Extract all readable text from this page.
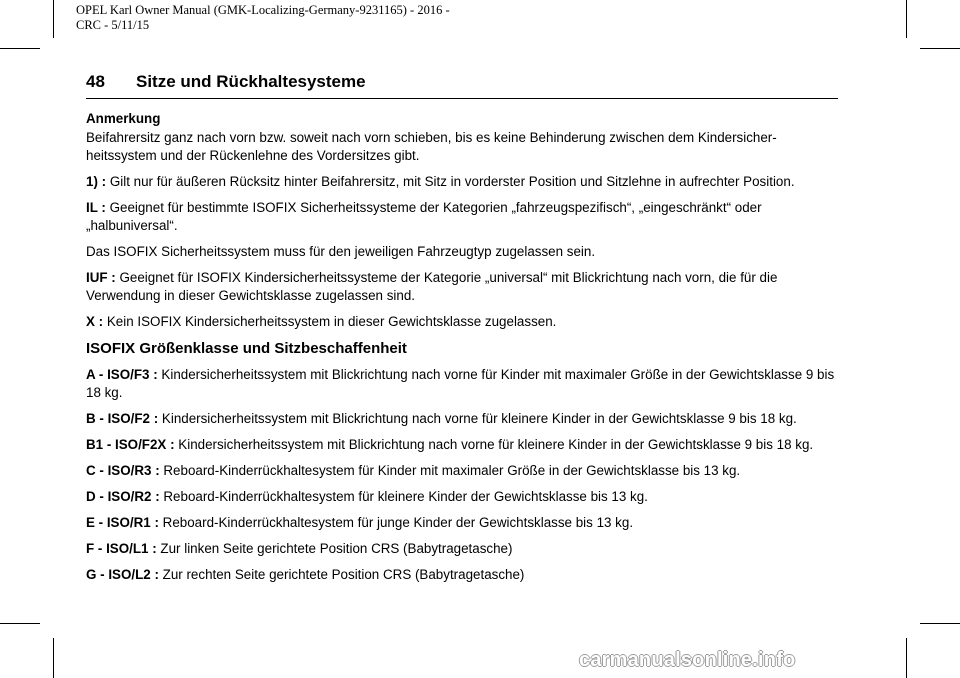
OPEL Karl Owner Manual (GMK-Localizing-Germany-9231165) - 2016 -
CRC - 5/11/15
48 Sitze und Rückhaltesysteme

Anmerkung

Beifahrersitz ganz nach vorn bzw. soweit nach vorn schieben, bis es keine Behinderung zwischen dem Kindersicherheitssystem und der Rückenlehne des Vordersitzes gibt.

1) : Gilt nur für äußeren Rücksitz hinter Beifahrersitz, mit Sitz in vorderster Position und Sitzlehne in aufrechter Position.

IL : Geeignet für bestimmte ISOFIX Sicherheitssysteme der Kategorien „fahrzeugspezifisch“, „eingeschränkt“ oder „halbuniversal“.

Das ISOFIX Sicherheitssystem muss für den jeweiligen Fahrzeugtyp zugelassen sein.

IUF : Geeignet für ISOFIX Kindersicherheitssysteme der Kategorie „universal“ mit Blickrichtung nach vorn, die für die Verwendung in dieser Gewichtsklasse zugelassen sind.

X : Kein ISOFIX Kindersicherheitssystem in dieser Gewichtsklasse zugelassen.

ISOFIX Größenklasse und Sitzbeschaffenheit

A - ISO/F3 : Kindersicherheitssystem mit Blickrichtung nach vorne für Kinder mit maximaler Größe in der Gewichtsklasse 9 bis 18 kg.

B - ISO/F2 : Kindersicherheitssystem mit Blickrichtung nach vorne für kleinere Kinder in der Gewichtsklasse 9 bis 18 kg.

B1 - ISO/F2X : Kindersicherheitssystem mit Blickrichtung nach vorne für kleinere Kinder in der Gewichtsklasse 9 bis 18 kg.

C - ISO/R3 : Reboard-Kinderrückhaltesystem für Kinder mit maximaler Größe in der Gewichtsklasse bis 13 kg.

D - ISO/R2 : Reboard-Kinderrückhaltesystem für kleinere Kinder der Gewichtsklasse bis 13 kg.

E - ISO/R1 : Reboard-Kinderrückhaltesystem für junge Kinder der Gewichtsklasse bis 13 kg.

F - ISO/L1 : Zur linken Seite gerichtete Position CRS (Babytragetasche)

G - ISO/L2 : Zur rechten Seite gerichtete Position CRS (Babytragetasche)

carmanualsonline.info
